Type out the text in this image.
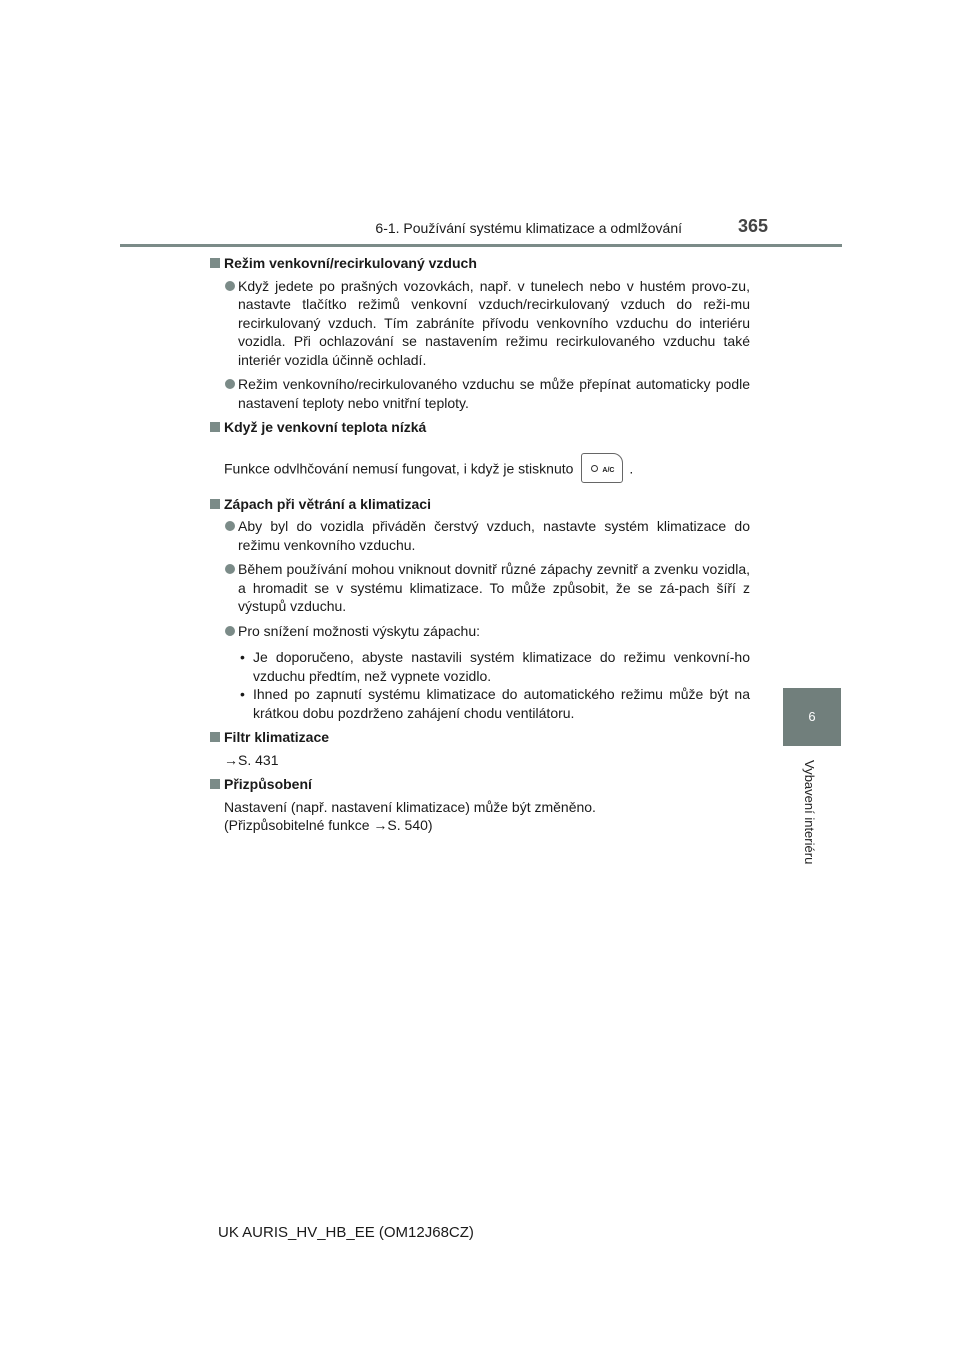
6-1. Používání systému klimatizace a odmlžování	365
6
Vybavení interiéru
Režim venkovní/recirkulovaný vzduch
Když jedete po prašných vozovkách, např. v tunelech nebo v hustém provo-zu, nastavte tlačítko režimů venkovní vzduch/recirkulovaný vzduch do reži-mu recirkulovaný vzduch. Tím zabráníte přívodu venkovního vzduchu do interiéru vozidla. Při ochlazování se nastavením režimu recirkulovaného vzduchu také interiér vozidla účinně ochladí.
Režim venkovního/recirkulovaného vzduchu se může přepínat automaticky podle nastavení teploty nebo vnitřní teploty.
Když je venkovní teplota nízká
Funkce odvlhčování nemusí fungovat, i když je stisknuto	A/C .
Zápach při větrání a klimatizaci
Aby byl do vozidla přiváděn čerstvý vzduch, nastavte systém klimatizace do režimu venkovního vzduchu.
Během používání mohou vniknout dovnitř různé zápachy zevnitř a zvenku vozidla, a hromadit se v systému klimatizace. To může způsobit, že se zá-pach šíří z výstupů vzduchu.
Pro snížení možnosti výskytu zápachu:
• Je doporučeno, abyste nastavili systém klimatizace do režimu venkovní-ho vzduchu předtím, než vypnete vozidlo.
• Ihned po zapnutí systému klimatizace do automatického režimu může být na krátkou dobu pozdrženo zahájení chodu ventilátoru.
Filtr klimatizace
→S. 431
Přizpůsobení
Nastavení (např. nastavení klimatizace) může být změněno.
(Přizpůsobitelné funkce →S. 540)
UK AURIS_HV_HB_EE (OM12J68CZ)
